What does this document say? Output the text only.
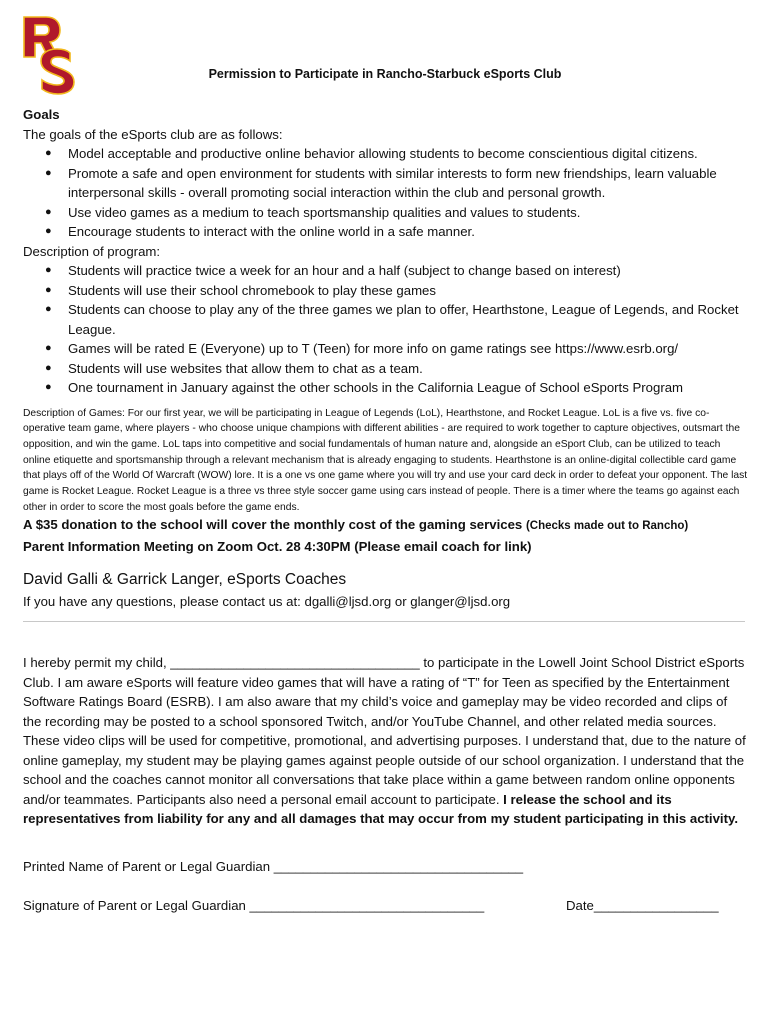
Permission to Participate in Rancho-Starbuck eSports Club
Goals
The goals of the eSports club are as follows:
● Model acceptable and productive online behavior allowing students to become conscientious digital citizens.
● Promote a safe and open environment for students with similar interests to form new friendships, learn valuable interpersonal skills - overall promoting social interaction within the club and personal growth.
● Use video games as a medium to teach sportsmanship qualities and values to students.
● Encourage students to interact with the online world in a safe manner.
Description of program:
● Students will practice twice a week for an hour and a half (subject to change based on interest)
● Students will use their school chromebook to play these games
● Students can choose to play any of the three games we plan to offer, Hearthstone, League of Legends, and Rocket League.
● Games will be rated E (Everyone) up to T (Teen) for more info on game ratings see https://www.esrb.org/
● Students will use websites that allow them to chat as a team.
● One tournament in January against the other schools in the California League of School eSports Program

Description of Games: For our first year, we will be participating in League of Legends (LoL), Hearthstone, and Rocket League. LoL is a five vs. five co-operative team game, where players - who choose unique champions with different abilities - are required to work together to capture objectives, outsmart the opposition, and win the game. LoL taps into competitive and social fundamentals of human nature and, alongside an eSport Club, can be utilized to teach online etiquette and sportsmanship through a relevant mechanism that is already engaging to students. Hearthstone is an online-digital collectible card game that plays off of the World Of Warcraft (WOW) lore. It is a one vs one game where you will try and use your card deck in order to defeat your opponent. The last game is Rocket League. Rocket League is a three vs three style soccer game using cars instead of people. There is a timer where the teams go against each other in order to score the most goals before the game ends.

A $35 donation to the school will cover the monthly cost of the gaming services (Checks made out to Rancho)
Parent Information Meeting on Zoom Oct. 28 4:30PM (Please email coach for link)
David Galli & Garrick Langer, eSports Coaches
If you have any questions, please contact us at: dgalli@ljsd.org or glanger@ljsd.org

I hereby permit my child, __________________________________ to participate in the Lowell Joint School District eSports Club. I am aware eSports will feature video games that will have a rating of “T” for Teen as specified by the Entertainment Software Ratings Board (ESRB). I am also aware that my child’s voice and gameplay may be video recorded and clips of the recording may be posted to a school sponsored Twitch, and/or YouTube Channel, and other related media sources. These video clips will be used for competitive, promotional, and advertising purposes. I understand that, due to the nature of online gameplay, my student may be playing games against people outside of our school organization. I understand that the school and the coaches cannot monitor all conversations that take place within a game between random online opponents and/or teammates. Participants also need a personal email account to participate. I release the school and its representatives from liability for any and all damages that may occur from my student participating in this activity.

Printed Name of Parent or Legal Guardian __________________________________
Signature of Parent or Legal Guardian ________________________________	Date_________________
